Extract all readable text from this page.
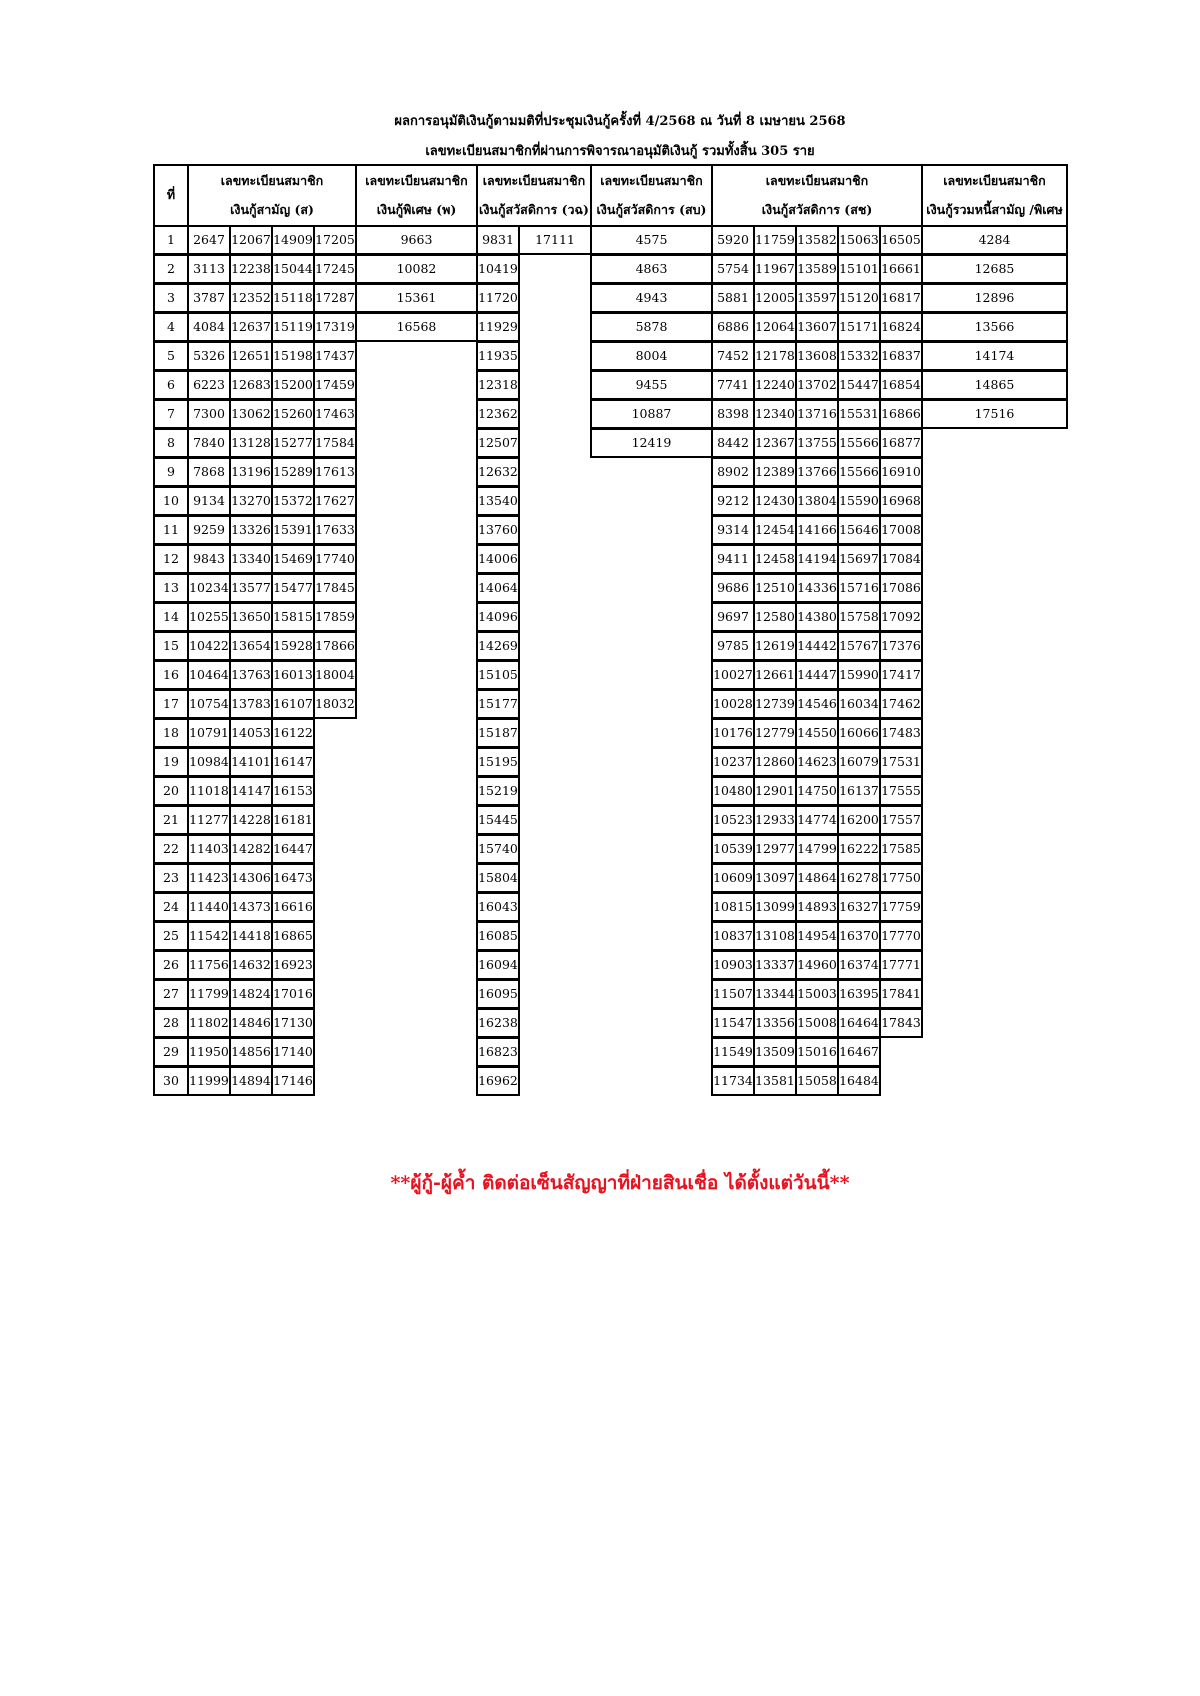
ผลการอนุมัติเงินกู้ตามมติที่ประชุมเงินกู้ครั้งที่ 4/2568 ณ วันที่ 8 เมษายน 2568
เลขทะเบียนสมาชิกที่ผ่านการพิจารณาอนุมัติเงินกู้ รวมทั้งสิ้น 305 ราย
ที่
เลขทะเบียนสมาชิก
เงินกู้สามัญ (ส)
เลขทะเบียนสมาชิก
เงินกู้พิเศษ (พ)
เลขทะเบียนสมาชิก
เงินกู้สวัสดิการ (วฉ)
เลขทะเบียนสมาชิก
เงินกู้สวัสดิการ (สบ)
เลขทะเบียนสมาชิก
เงินกู้สวัสดิการ (สช)
เลขทะเบียนสมาชิก
เงินกู้รวมหนี้สามัญ /พิเศษ
1
2
3
4
5
6
7
8
9
10
11
12
13
14
15
16
17
18
19
20
21
22
23
24
25
26
27
28
29
30
2647
3113
3787
4084
5326
6223
7300
7840
7868
9134
9259
9843
10234
10255
10422
10464
10754
10791
10984
11018
11277
11403
11423
11440
11542
11756
11799
11802
11950
11999
12067
12238
12352
12637
12651
12683
13062
13128
13196
13270
13326
13340
13577
13650
13654
13763
13783
14053
14101
14147
14228
14282
14306
14373
14418
14632
14824
14846
14856
14894
14909
15044
15118
15119
15198
15200
15260
15277
15289
15372
15391
15469
15477
15815
15928
16013
16107
16122
16147
16153
16181
16447
16473
16616
16865
16923
17016
17130
17140
17146
17205
17245
17287
17319
17437
17459
17463
17584
17613
17627
17633
17740
17845
17859
17866
18004
18032
9663
10082
15361
16568
9831
10419
11720
11929
11935
12318
12362
12507
12632
13540
13760
14006
14064
14096
14269
15105
15177
15187
15195
15219
15445
15740
15804
16043
16085
16094
16095
16238
16823
16962
17111	4575
4863
4943
5878
8004
9455
10887
12419
5920
5754
5881
6886
7452
7741
8398
8442
8902
9212
9314
9411
9686
9697
9785
10027
10028
10176
10237
10480
10523
10539
10609
10815
10837
10903
11507
11547
11549
11734
11759
11967
12005
12064
12178
12240
12340
12367
12389
12430
12454
12458
12510
12580
12619
12661
12739
12779
12860
12901
12933
12977
13097
13099
13108
13337
13344
13356
13509
13581
13582
13589
13597
13607
13608
13702
13716
13755
13766
13804
14166
14194
14336
14380
14442
14447
14546
14550
14623
14750
14774
14799
14864
14893
14954
14960
15003
15008
15016
15058
15063
15101
15120
15171
15332
15447
15531
15566
15566
15590
15646
15697
15716
15758
15767
15990
16034
16066
16079
16137
16200
16222
16278
16327
16370
16374
16395
16464
16467
16484
16505
16661
16817
16824
16837
16854
16866
16877
16910
16968
17008
17084
17086
17092
17376
17417
17462
17483
17531
17555
17557
17585
17750
17759
17770
17771
17841
17843
4284
12685
12896
13566
14174
14865
17516
**ผู้กู้-ผู้ค้ำ ติดต่อเซ็นสัญญาที่ฝ่ายสินเชื่อ ได้ตั้งแต่วันนี้**
